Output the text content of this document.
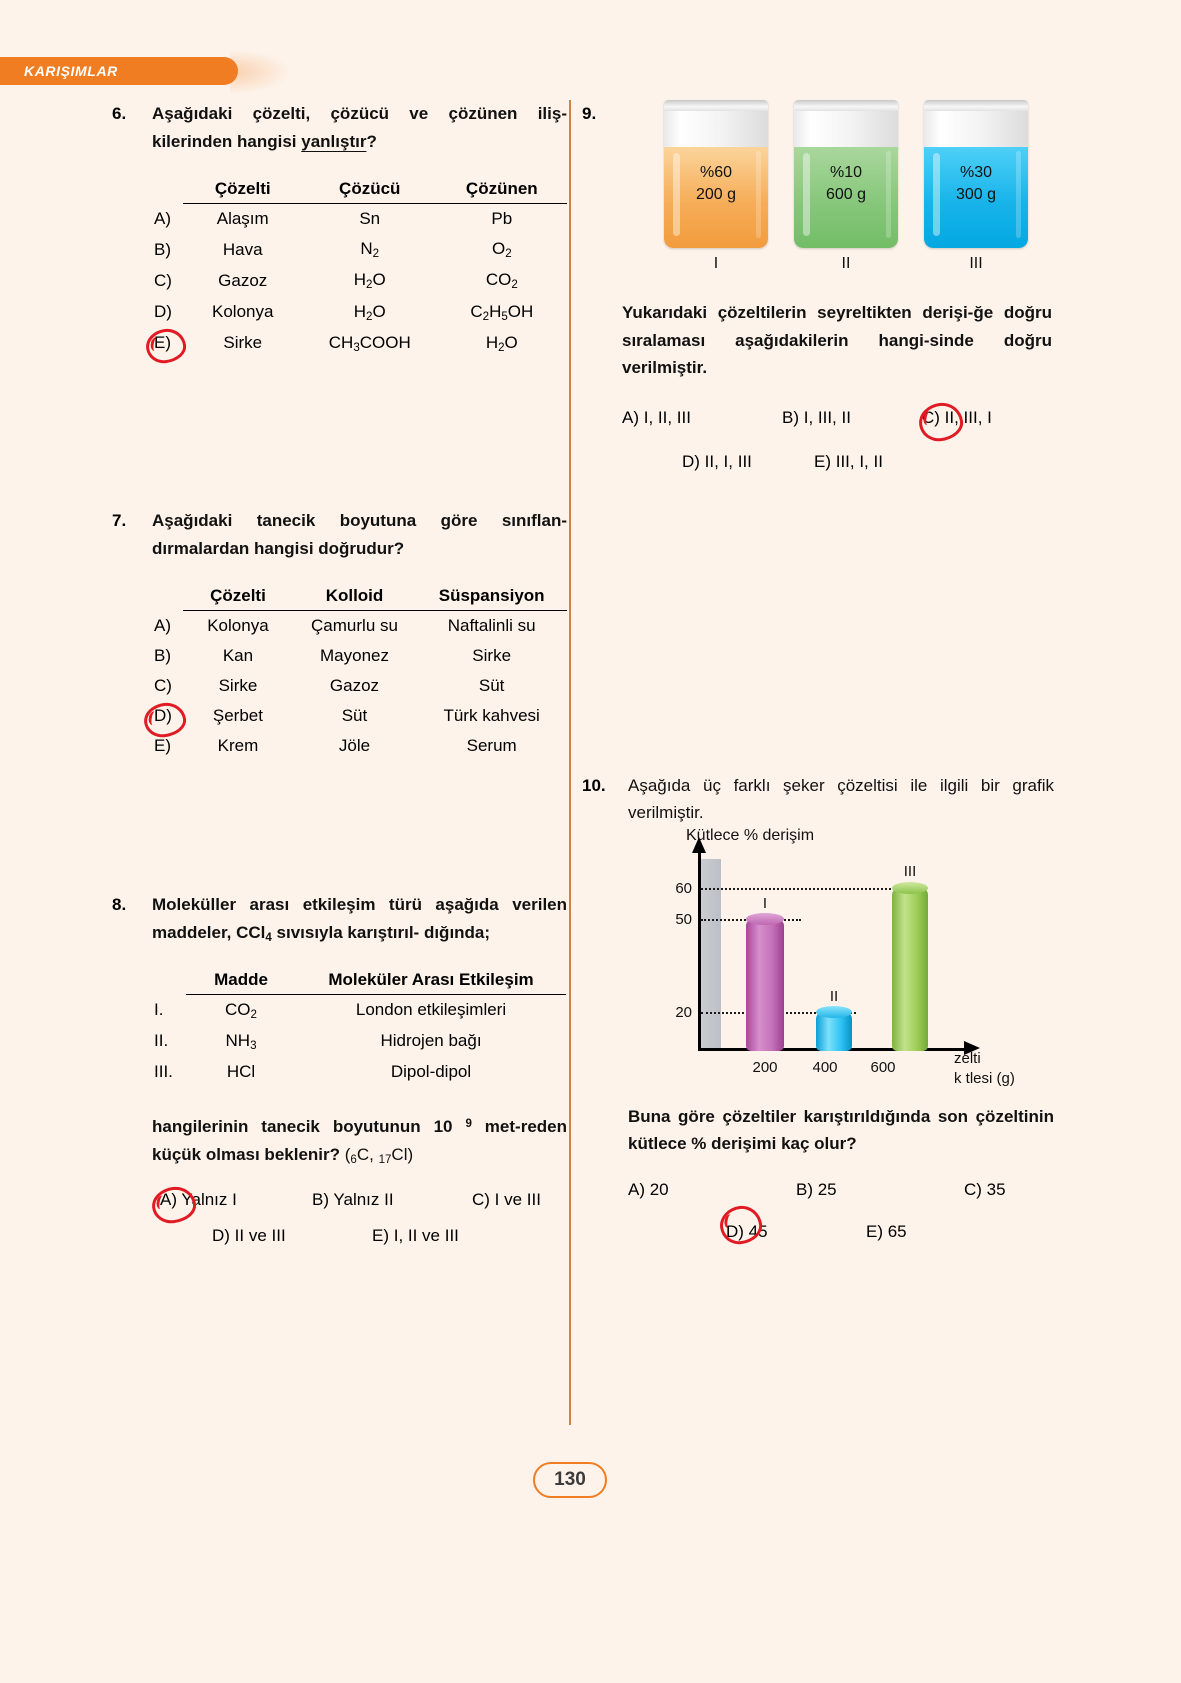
KARIŞIMLAR
6.	Aşağıdaki çözelti, çözücü ve çözünen iliş-kilerinden hangisi yanlıştır?
	Çözelti	Çözücü	Çözünen
A)	Alaşım	Sn	Pb
B)	Hava	$N_2$	$O_2$
C)	Gazoz	$H_2O$	$CO_2$
D)	Kolonya	$H_2O$	$C_2H_5OH$
E)	Sirke	$CH_3COOH$	$H_2O$
7.	Aşağıdaki tanecik boyutuna göre sınıflan-dırmalardan hangisi doğrudur?
	Çözelti	Kolloid	Süspansiyon
A)	Kolonya	Çamurlu su	Naftalinli su
B)	Kan	Mayonez	Sirke
C)	Sirke	Gazoz	Süt
D)	Şerbet	Süt	Türk kahvesi
E)	Krem	Jöle	Serum
8.	Moleküller arası etkileşim türü aşağıda verilen maddeler, CCl$_4$ sıvısıyla karıştırıl- dığında;
	Madde	Moleküler Arası Etkileşim
I.	$CO_2$	London etkileşimleri
II.	$NH_3$	Hidrojen bağı
III.	HCl	Dipol-dipol
hangilerinin tanecik boyutunun 10 $^9$ met-reden küçük olması beklenir? ($_6C$, $_{17}$Cl)
A) Yalnız I	B) Yalnız II	C) I ve III
D) II ve III	E) I, II ve III
9.
%60
200 g
I
%10
600 g
II
%30
300 g
III
Yukarıdaki çözeltilerin seyreltikten derişi-ğe doğru sıralaması aşağıdakilerin hangi-sinde doğru verilmiştir.
A) I, II, III	B) I, III, II	C) II, III, I
D) II, I, III	E) III, I, II
10.	Aşağıda üç farklı şeker çözeltisi ile ilgili bir grafik verilmiştir.
Kütlece % derişim
60
50
20
I
II
III
200	400	600
zelti
k tlesi (g)
Buna göre çözeltiler karıştırıldığında son çözeltinin kütlece % derişimi kaç olur?
A) 20	B) 25	C) 35
D) 45	E) 65
130
